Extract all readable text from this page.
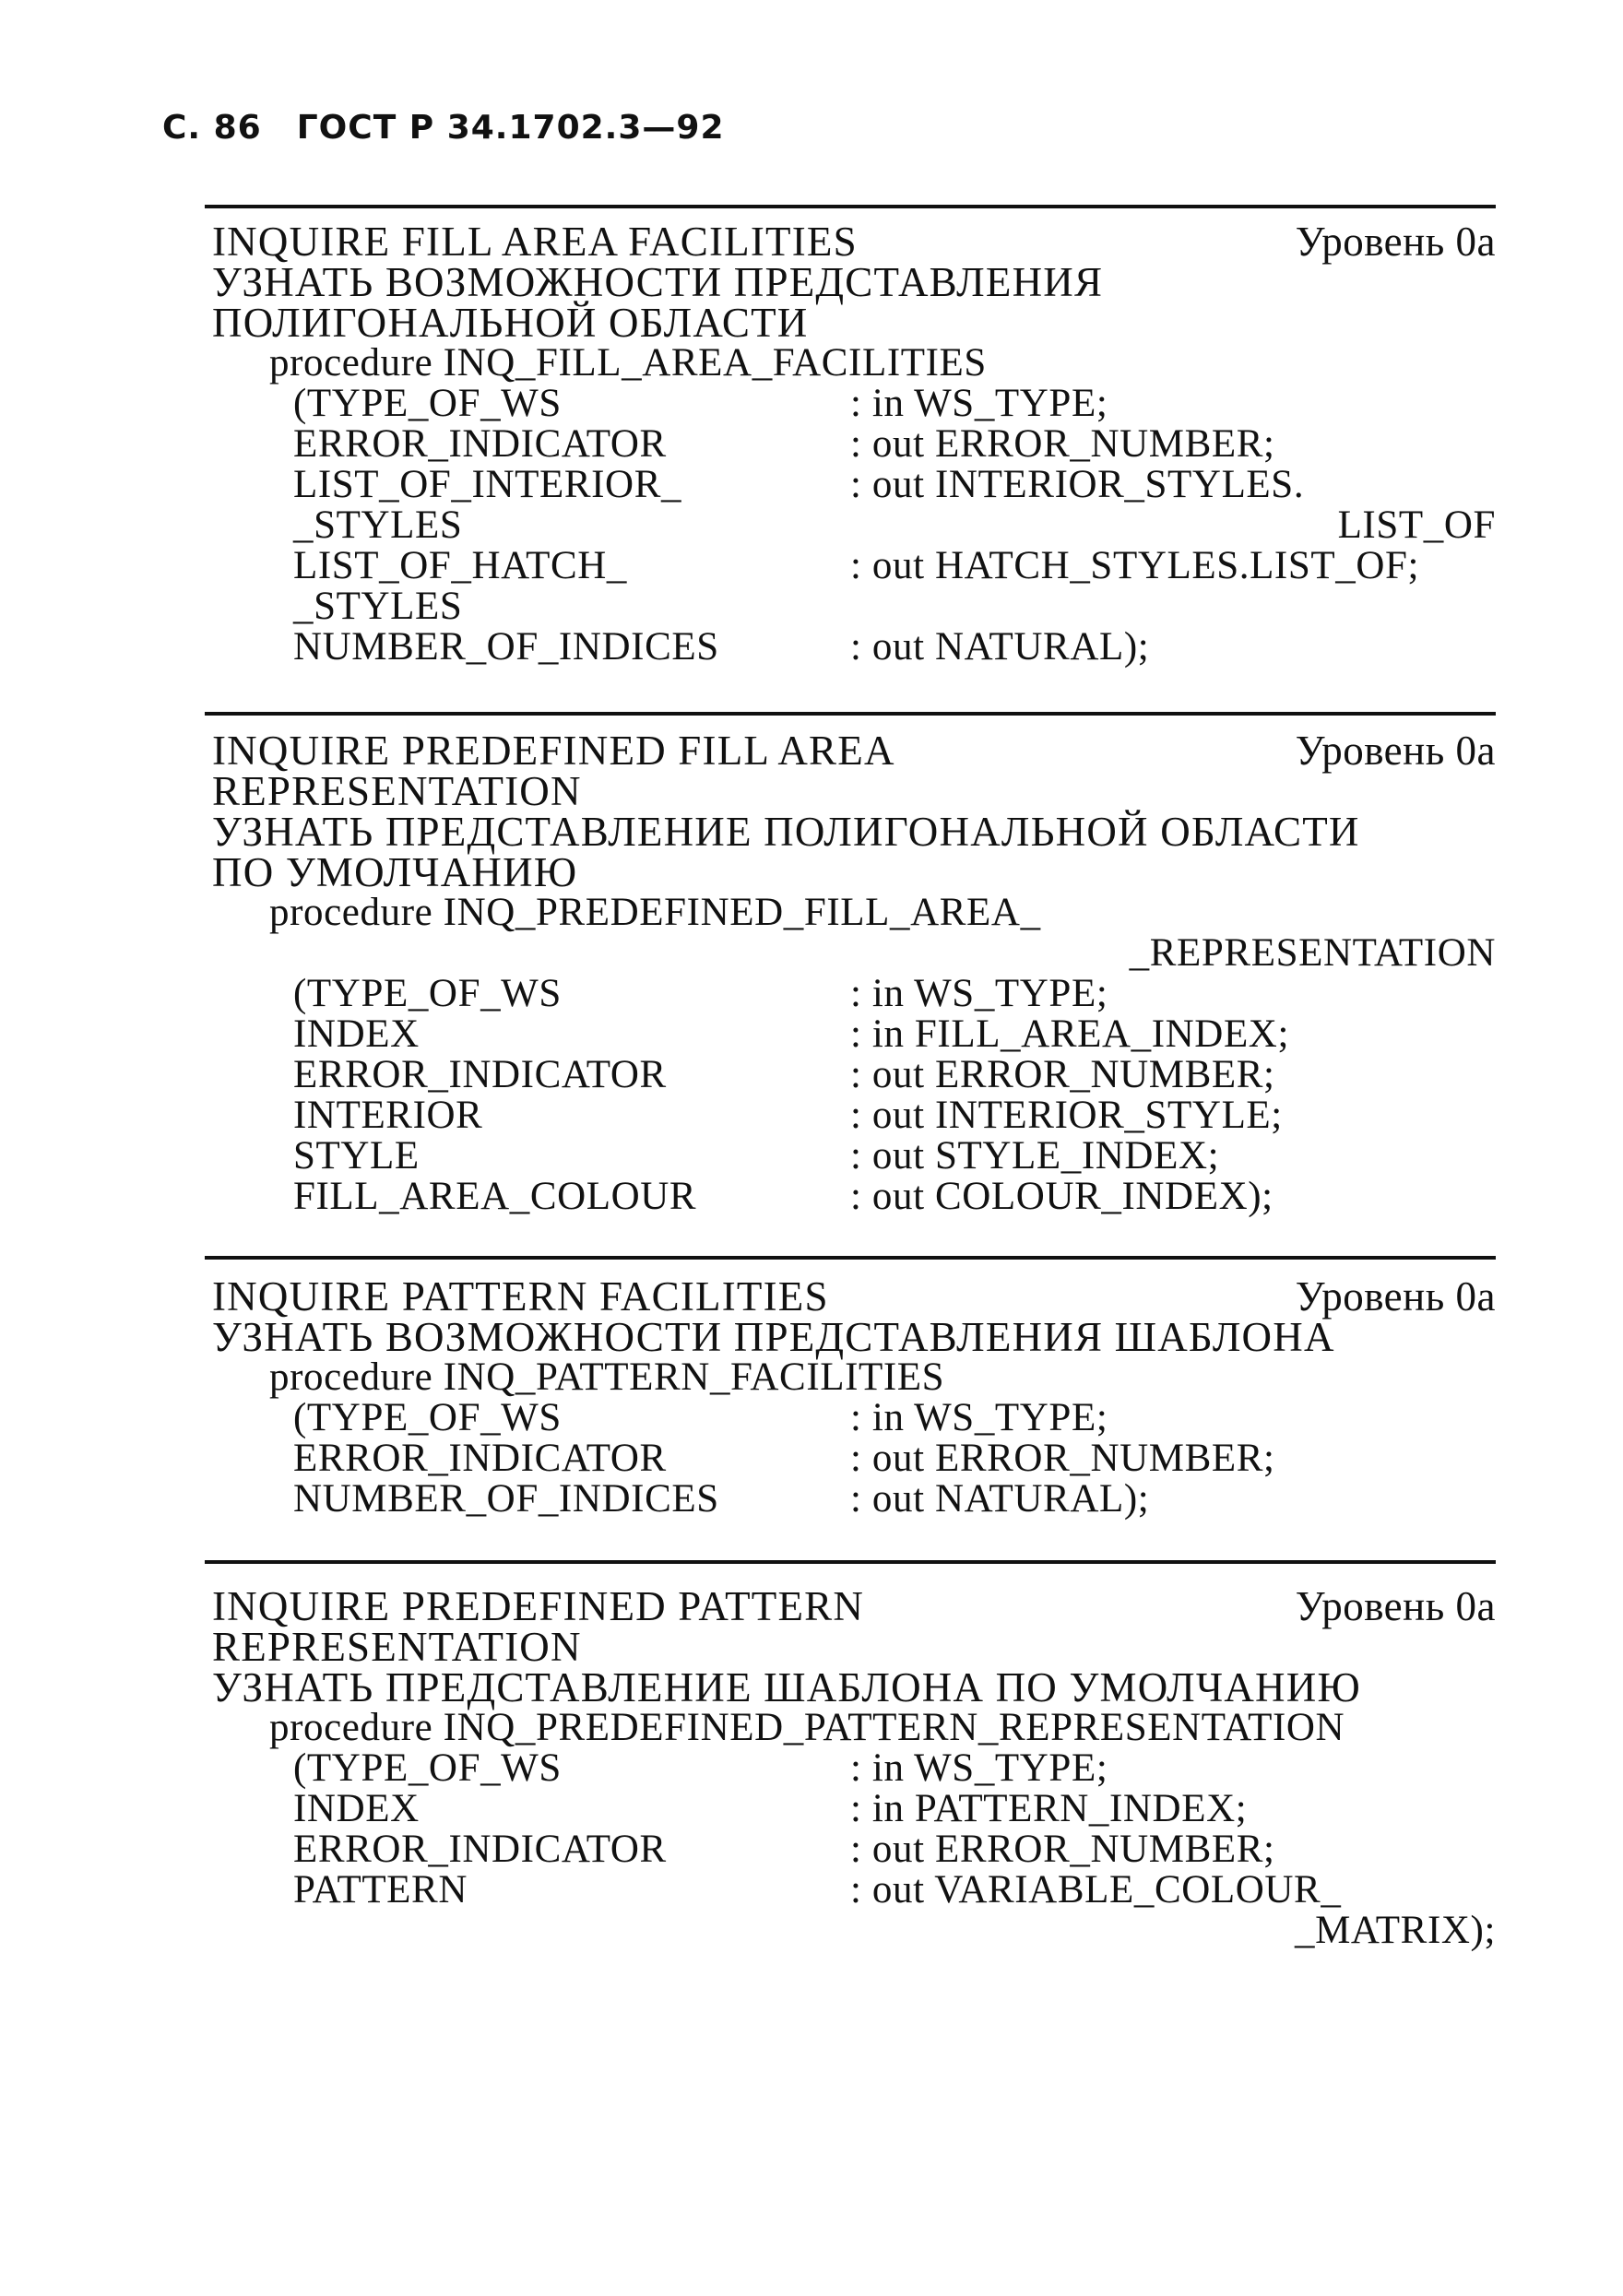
С. 86 ГОСТ Р 34.1702.3—92
INQUIRE FILL AREA FACILITIES	Уровень 0a
УЗНАТЬ ВОЗМОЖНОСТИ ПРЕДСТАВЛЕНИЯ
ПОЛИГОНАЛЬНОЙ ОБЛАСТИ
procedure INQ_FILL_AREA_FACILITIES
(TYPE_OF_WS	: in WS_TYPE;
ERROR_INDICATOR	: out ERROR_NUMBER;
LIST_OF_INTERIOR_	: out INTERIOR_STYLES.
_STYLES	LIST_OF
LIST_OF_HATCH_	: out HATCH_STYLES.LIST_OF;
_STYLES
NUMBER_OF_INDICES	: out NATURAL);
INQUIRE PREDEFINED FILL AREA	Уровень 0a
REPRESENTATION
УЗНАТЬ ПРЕДСТАВЛЕНИЕ ПОЛИГОНАЛЬНОЙ ОБЛАСТИ
ПО УМОЛЧАНИЮ
procedure INQ_PREDEFINED_FILL_AREA_
_REPRESENTATION
(TYPE_OF_WS	: in WS_TYPE;
INDEX	: in FILL_AREA_INDEX;
ERROR_INDICATOR	: out ERROR_NUMBER;
INTERIOR	: out INTERIOR_STYLE;
STYLE	: out STYLE_INDEX;
FILL_AREA_COLOUR	: out COLOUR_INDEX);
INQUIRE PATTERN FACILITIES	Уровень 0a
УЗНАТЬ ВОЗМОЖНОСТИ ПРЕДСТАВЛЕНИЯ ШАБЛОНА
procedure INQ_PATTERN_FACILITIES
(TYPE_OF_WS	: in WS_TYPE;
ERROR_INDICATOR	: out ERROR_NUMBER;
NUMBER_OF_INDICES	: out NATURAL);
INQUIRE PREDEFINED PATTERN	Уровень 0a
REPRESENTATION
УЗНАТЬ ПРЕДСТАВЛЕНИЕ ШАБЛОНА ПО УМОЛЧАНИЮ
procedure INQ_PREDEFINED_PATTERN_REPRESENTATION
(TYPE_OF_WS	: in WS_TYPE;
INDEX	: in PATTERN_INDEX;
ERROR_INDICATOR	: out ERROR_NUMBER;
PATTERN	: out VARIABLE_COLOUR_
_MATRIX);
